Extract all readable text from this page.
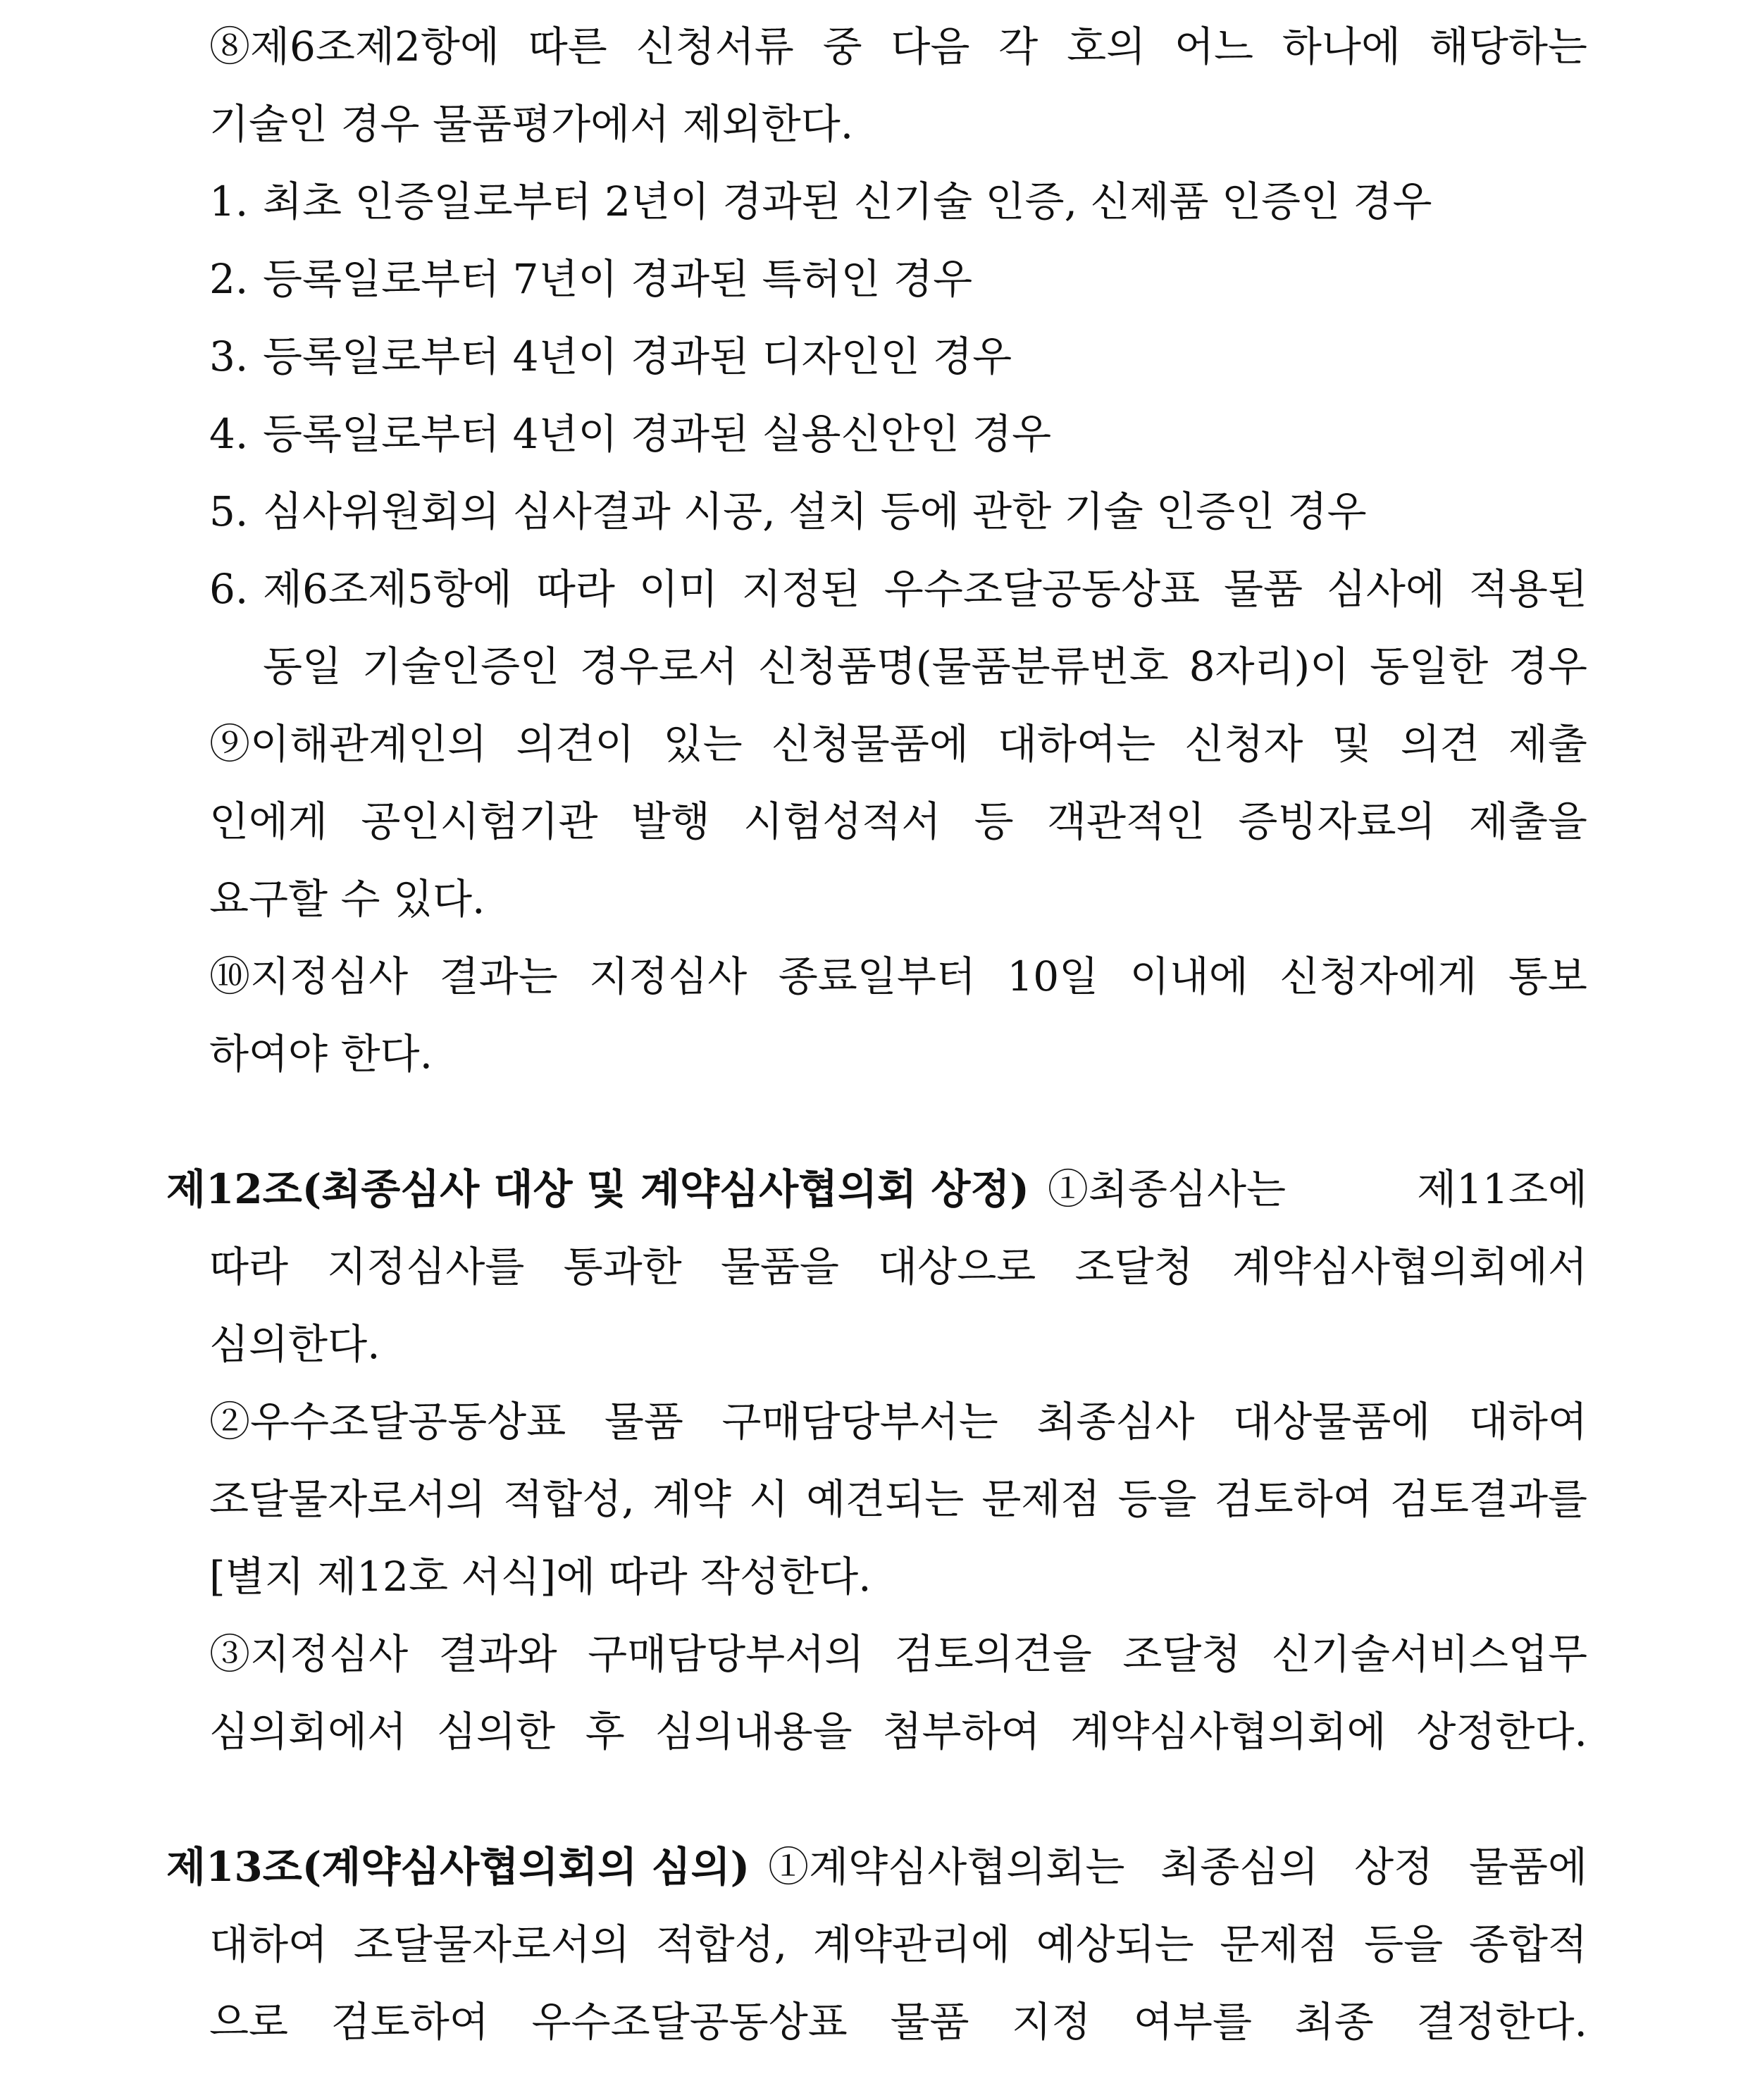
⑧제6조제2항에 따른 신청서류 중 다음 각 호의 어느 하나에 해당하는
기술인 경우 물품평가에서 제외한다.
1. 최초 인증일로부터 2년이 경과된 신기술 인증, 신제품 인증인 경우
2. 등록일로부터 7년이 경과된 특허인 경우
3. 등록일로부터 4년이 경과된 디자인인 경우
4. 등록일로부터 4년이 경과된 실용신안인 경우
5. 심사위원회의 심사결과 시공, 설치 등에 관한 기술 인증인 경우
6. 제6조제5항에 따라 이미 지정된 우수조달공동상표 물품 심사에 적용된
동일 기술인증인 경우로서 신청품명(물품분류번호 8자리)이 동일한 경우
⑨이해관계인의 의견이 있는 신청물품에 대하여는 신청자 및 의견 제출
인에게 공인시험기관 발행 시험성적서 등 객관적인 증빙자료의 제출을
요구할 수 있다.
⑩지정심사 결과는 지정심사 종료일부터 10일 이내에 신청자에게 통보
하여야 한다.
제12조(최종심사 대상 및 계약심사협의회 상정) ①최종심사는	제11조에
따라 지정심사를 통과한 물품을 대상으로 조달청 계약심사협의회에서
심의한다.
②우수조달공동상표 물품 구매담당부서는 최종심사 대상물품에 대하여
조달물자로서의 적합성, 계약 시 예견되는 문제점 등을 검토하여 검토결과를
[별지 제12호 서식]에 따라 작성한다.
③지정심사 결과와 구매담당부서의 검토의견을 조달청 신기술서비스업무
심의회에서 심의한 후 심의내용을 첨부하여 계약심사협의회에 상정한다.
제13조(계약심사협의회의 심의) ①계약심사협의회는 최종심의 상정 물품에
대하여 조달물자로서의 적합성, 계약관리에 예상되는 문제점 등을 종합적
으로 검토하여 우수조달공동상표 물품 지정 여부를 최종 결정한다.
